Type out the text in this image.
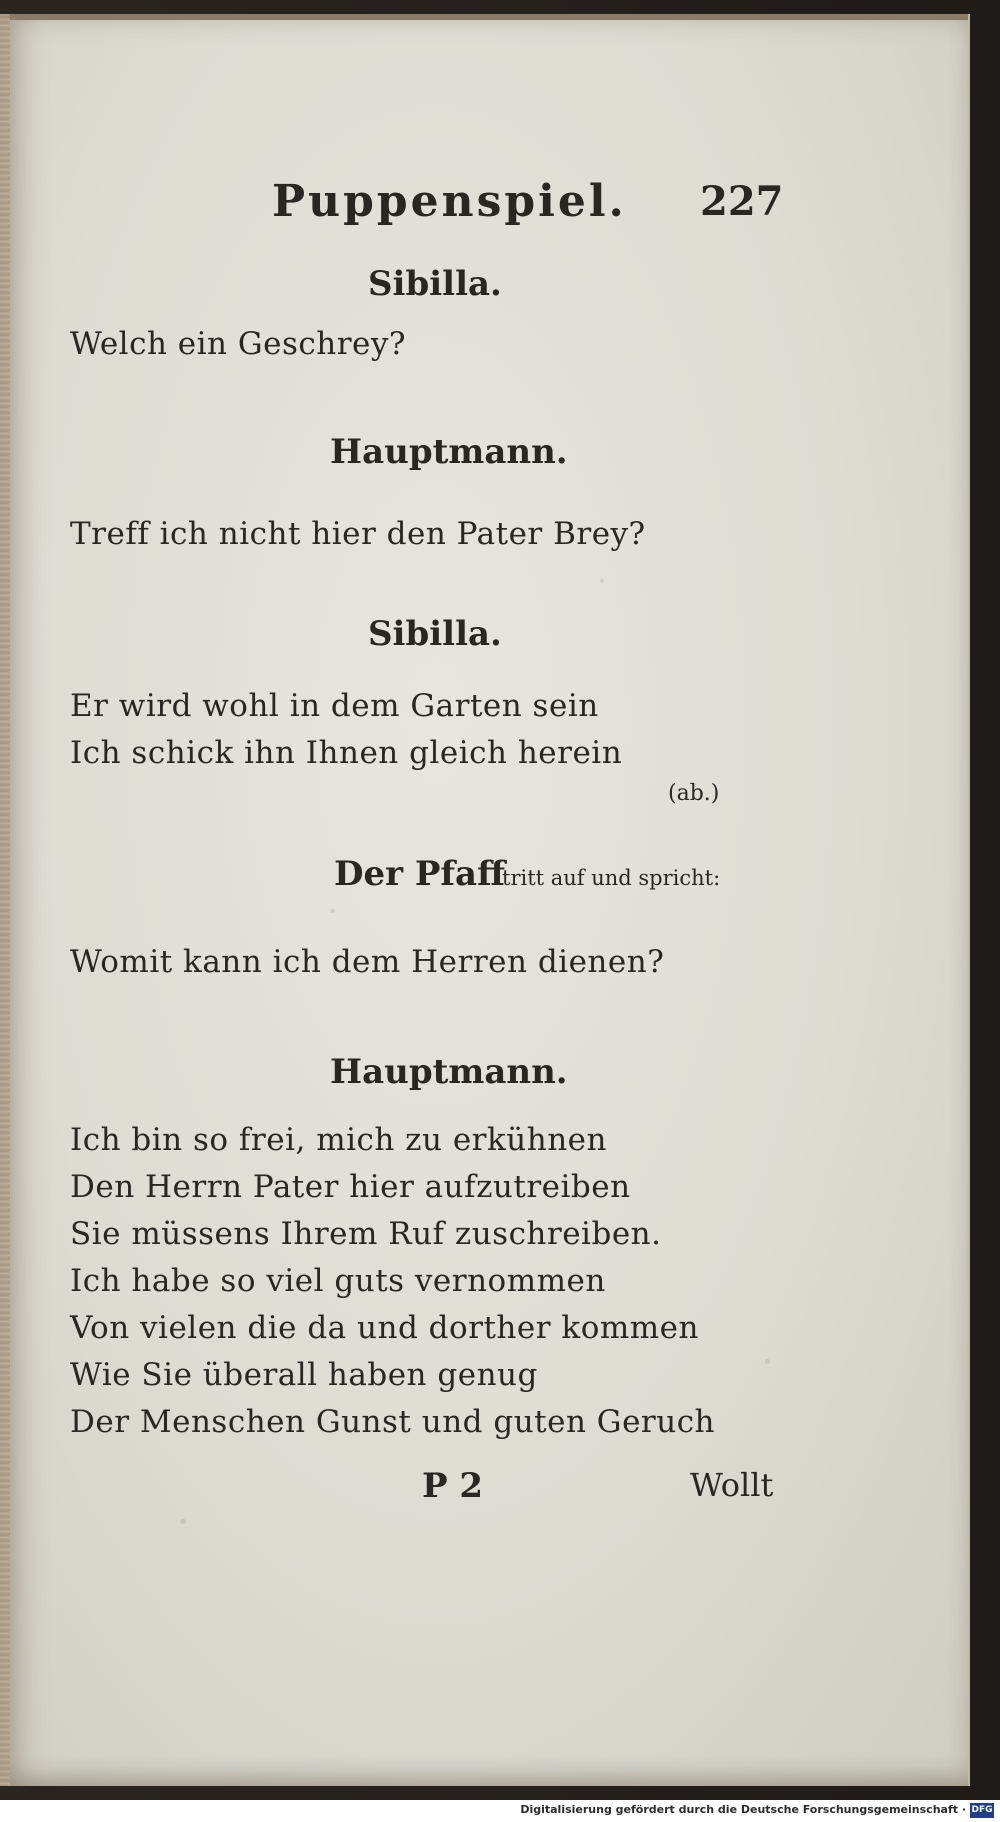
Puppenspiel. 227
Sibilla.
Welch ein Geschrey?
Hauptmann.
Treff ich nicht hier den Pater Brey?
Sibilla.
Er wird wohl in dem Garten sein
Ich schick ihn Ihnen gleich herein
(ab.)
Der Pfaff
tritt auf und spricht:
Womit kann ich dem Herren dienen?
Hauptmann.
Ich bin so frei, mich zu erkühnen
Den Herrn Pater hier aufzutreiben
Sie müssens Ihrem Ruf zuschreiben.
Ich habe so viel guts vernommen
Von vielen die da und dorther kommen
Wie Sie überall haben genug
Der Menschen Gunst und guten Geruch
P 2	Wollt
Digitalisierung gefördert durch die Deutsche Forschungsgemeinschaft · DFG
